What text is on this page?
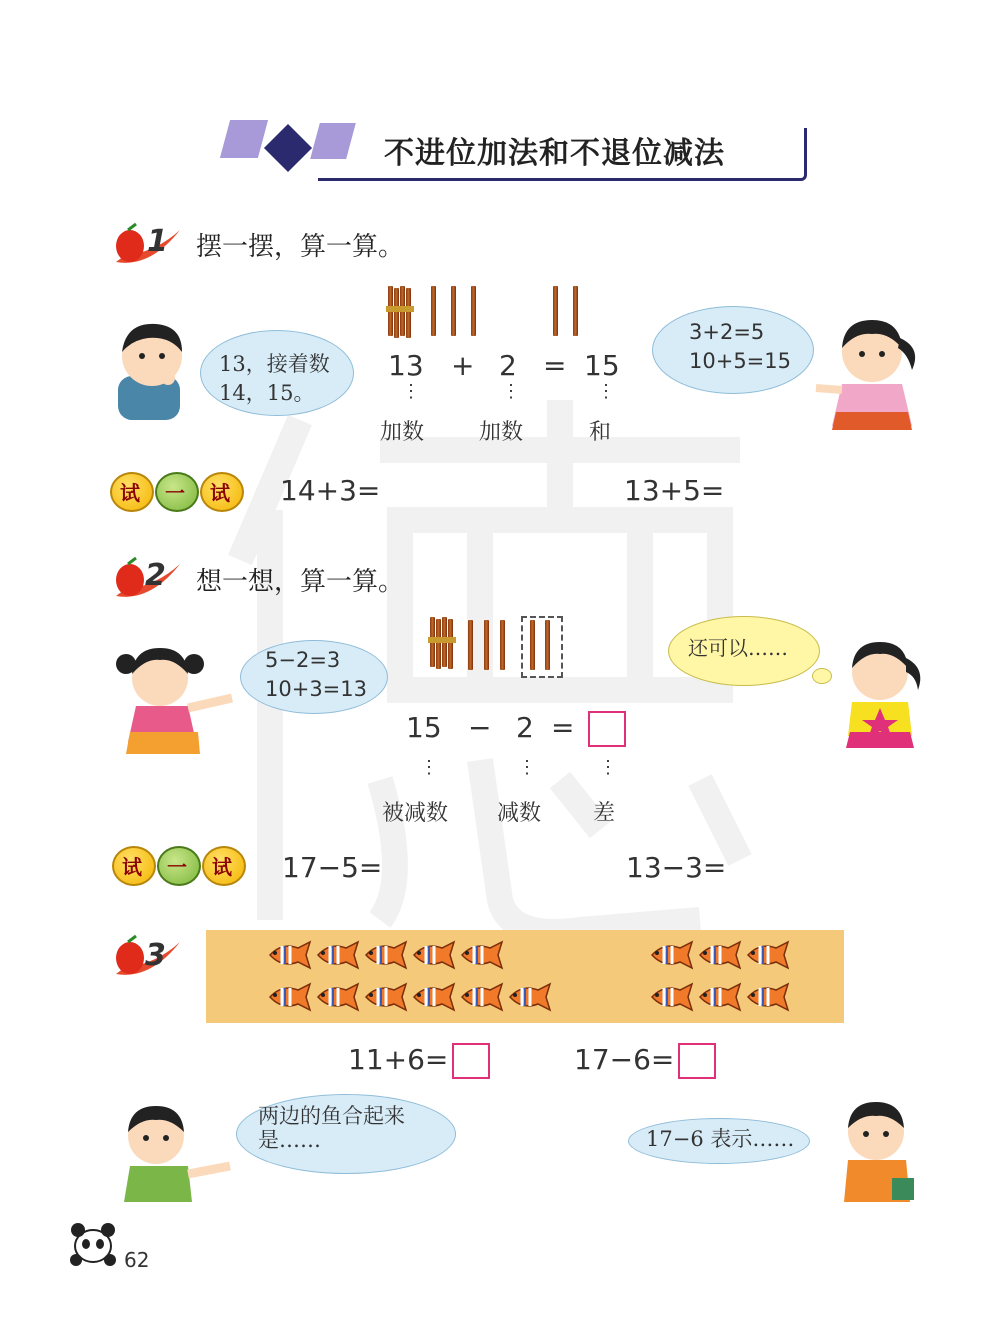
不进位加法和不退位减法
1 摆一摆，算一算。
13，接着数
14，15。
13 + 2 = 15
⋮	⋮	⋮
加数 加数	和
3+2=5
10+5=15
试 一 试 14+3=	13+5=
2 想一想，算一算。
5−2=3
10+3=13
15 − 2 =
⋮	⋮	⋮
被减数 减数 差
还可以……
试 一 试 17−5=	13−3=
3
11+6=	17−6=
两边的鱼合起来
是……	17−6 表示……
62
